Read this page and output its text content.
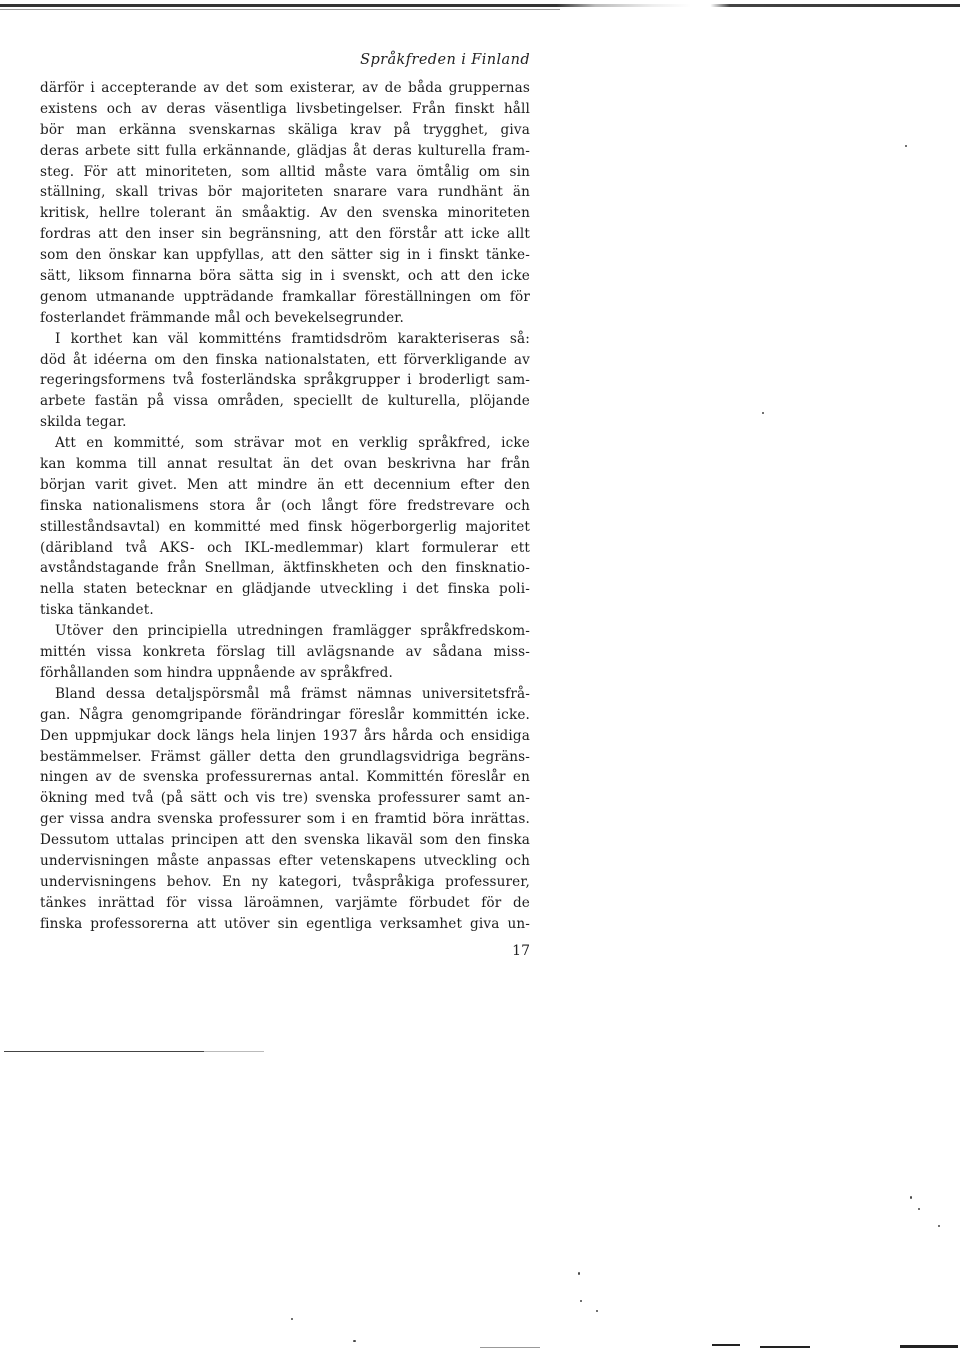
Språkfreden i Finland
därför i accepterande av det som existerar, av de båda gruppernas
existens och av deras väsentliga livsbetingelser. Från finskt håll
bör man erkänna svenskarnas skäliga krav på trygghet, giva
deras arbete sitt fulla erkännande, glädjas åt deras kulturella fram-
steg. För att minoriteten, som alltid måste vara ömtålig om sin
ställning, skall trivas bör majoriteten snarare vara rundhänt än
kritisk, hellre tolerant än småaktig. Av den svenska minoriteten
fordras att den inser sin begränsning, att den förstår att icke allt
som den önskar kan uppfyllas, att den sätter sig in i finskt tänke-
sätt, liksom finnarna böra sätta sig in i svenskt, och att den icke
genom utmanande uppträdande framkallar föreställningen om för
fosterlandet främmande mål och bevekelsegrunder.
I korthet kan väl kommitténs framtidsdröm karakteriseras så:
död åt idéerna om den finska nationalstaten, ett förverkligande av
regeringsformens två fosterländska språkgrupper i broderligt sam-
arbete fastän på vissa områden, speciellt de kulturella, plöjande
skilda tegar.
Att en kommitté, som strävar mot en verklig språkfred, icke
kan komma till annat resultat än det ovan beskrivna har från
början varit givet. Men att mindre än ett decennium efter den
finska nationalismens stora år (och långt före fredstrevare och
stilleståndsavtal) en kommitté med finsk högerborgerlig majoritet
(däribland två AKS- och IKL-medlemmar) klart formulerar ett
avståndstagande från Snellman, äktfinskheten och den finsknatio-
nella staten betecknar en glädjande utveckling i det finska poli-
tiska tänkandet.
Utöver den principiella utredningen framlägger språkfredskom-
mittén vissa konkreta förslag till avlägsnande av sådana miss-
förhållanden som hindra uppnående av språkfred.
Bland dessa detaljspörsmål må främst nämnas universitetsfrå-
gan. Några genomgripande förändringar föreslår kommittén icke.
Den uppmjukar dock längs hela linjen 1937 års hårda och ensidiga
bestämmelser. Främst gäller detta den grundlagsvidriga begräns-
ningen av de svenska professurernas antal. Kommittén föreslår en
ökning med två (på sätt och vis tre) svenska professurer samt an-
ger vissa andra svenska professurer som i en framtid böra inrättas.
Dessutom uttalas principen att den svenska likaväl som den finska
undervisningen måste anpassas efter vetenskapens utveckling och
undervisningens behov. En ny kategori, tvåspråkiga professurer,
tänkes inrättad för vissa läroämnen, varjämte förbudet för de
finska professorerna att utöver sin egentliga verksamhet giva un-
17
